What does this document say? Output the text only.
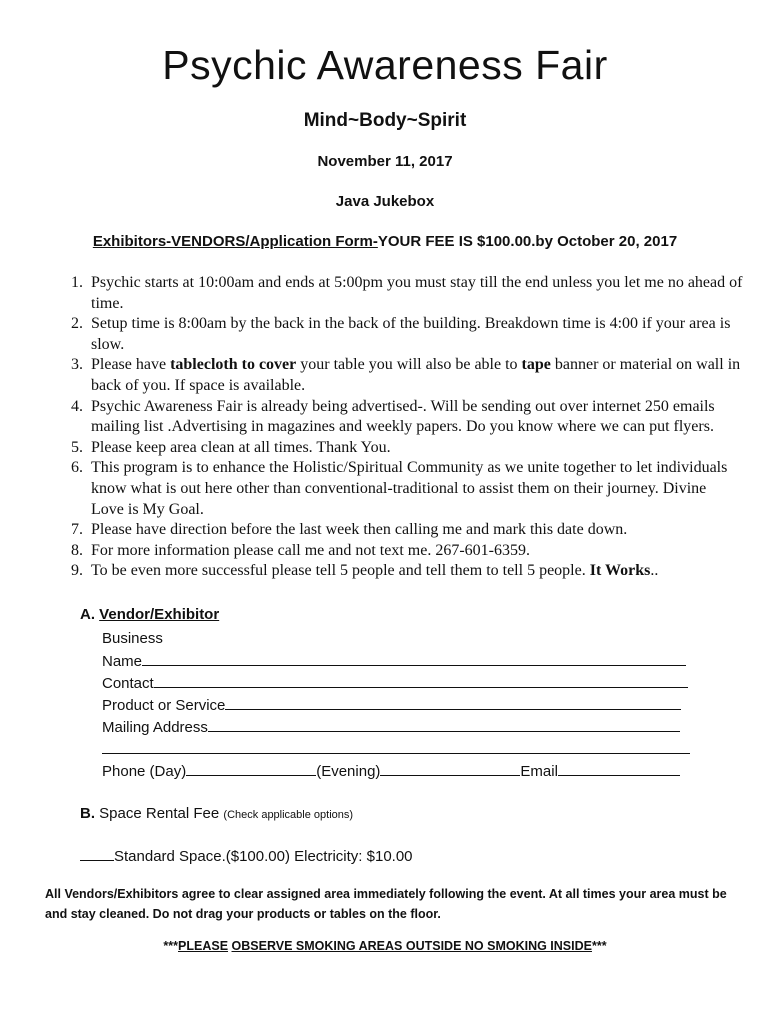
Psychic Awareness Fair
Mind~Body~Spirit
November 11, 2017
Java Jukebox
Exhibitors-VENDORS/Application Form-YOUR FEE IS $100.00.by October 20, 2017
1. Psychic starts at 10:00am and ends at 5:00pm you must stay till the end unless you let me no ahead of time.
2. Setup time is 8:00am by the back in the back of the building. Breakdown time is 4:00 if your area is slow.
3. Please have tablecloth to cover your table you will also be able to tape banner or material on wall in back of you. If space is available.
4. Psychic Awareness Fair is already being advertised-. Will be sending out over internet 250 emails mailing list .Advertising in magazines and weekly papers. Do you know where we can put flyers.
5. Please keep area clean at all times. Thank You.
6. This program is to enhance the Holistic/Spiritual Community as we unite together to let individuals know what is out here other than conventional-traditional to assist them on their journey. Divine Love is My Goal.
7. Please have direction before the last week then calling me and mark this date down.
8. For more information please call me and not text me. 267-601-6359.
9. To be even more successful please tell 5 people and tell them to tell 5 people. It Works..
A. Vendor/Exhibitor
Business
Name
Contact
Product or Service
Mailing Address
Phone (Day)	(Evening)	Email
B. Space Rental Fee (Check applicable options)
Standard Space.($100.00) Electricity: $10.00
All Vendors/Exhibitors agree to clear assigned area immediately following the event. At all times your area must be and stay cleaned. Do not drag your products or tables on the floor.
***PLEASE OBSERVE SMOKING AREAS OUTSIDE NO SMOKING INSIDE***
